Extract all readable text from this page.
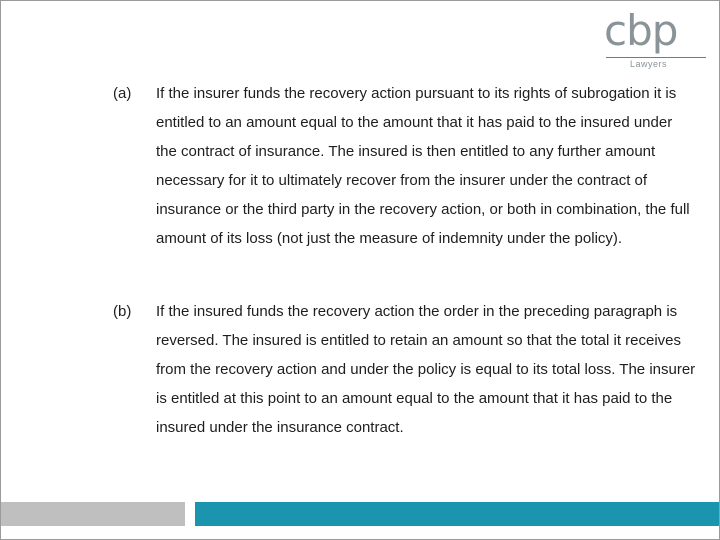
cbp
Lawyers
(a) If the insurer funds the recovery action pursuant to its rights of subrogation it is entitled to an amount equal to the amount that it has paid to the insured under the contract of insurance. The insured is then entitled to any further amount necessary for it to ultimately recover from the insurer under the contract of insurance or the third party in the recovery action, or both in combination, the full amount of its loss (not just the measure of indemnity under the policy).

(b) If the insured funds the recovery action the order in the preceding paragraph is reversed. The insured is entitled to retain an amount so that the total it receives from the recovery action and under the policy is equal to its total loss. The insurer is entitled at this point to an amount equal to the amount that it has paid to the insured under the insurance contract.
